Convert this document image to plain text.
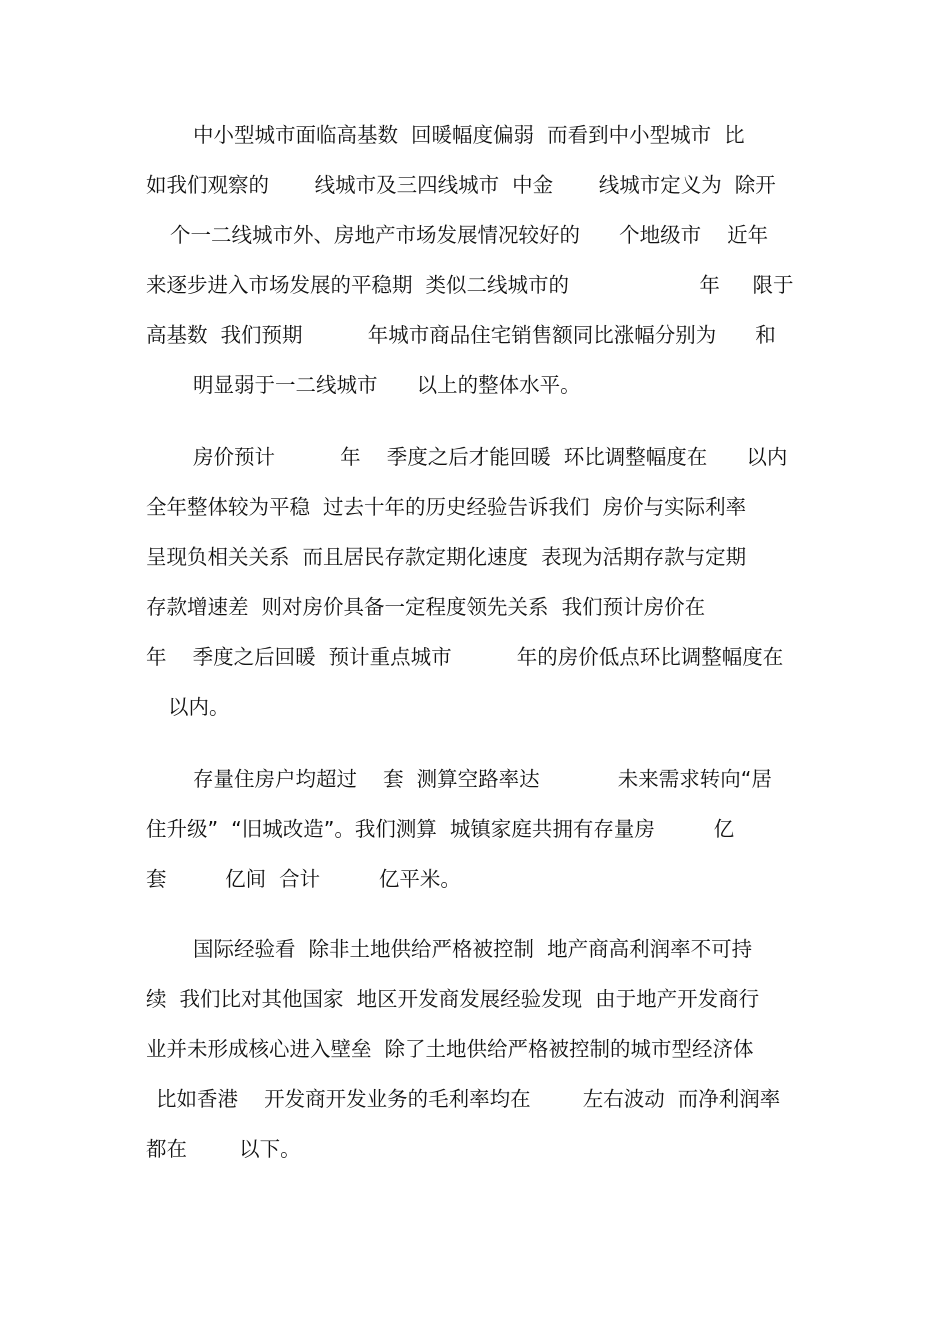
中小型城市面临高基数  回暖幅度偏弱  而看到中小型城市  比
如我们观察的       线城市及三四线城市  中金       线城市定义为  除开
个一二线城市外、房地产市场发展情况较好的      个地级市    近年
来逐步进入市场发展的平稳期  类似二线城市的                    年     限于
高基数  我们预期          年城市商品住宅销售额同比涨幅分别为      和
明显弱于一二线城市      以上的整体水平。
房价预计          年    季度之后才能回暖  环比调整幅度在      以内
全年整体较为平稳  过去十年的历史经验告诉我们  房价与实际利率
呈现负相关关系  而且居民存款定期化速度  表现为活期存款与定期
存款增速差  则对房价具备一定程度领先关系  我们预计房价在
年    季度之后回暖  预计重点城市          年的房价低点环比调整幅度在
以内。
存量住房户均超过    套  测算空路率达            未来需求转向“居
住升级”  “旧城改造”。我们测算  城镇家庭共拥有存量房         亿
套         亿间  合计         亿平米。
国际经验看  除非土地供给严格被控制  地产商高利润率不可持
续  我们比对其他国家  地区开发商发展经验发现  由于地产开发商行
业并未形成核心进入壁垒  除了土地供给严格被控制的城市型经济体
比如香港    开发商开发业务的毛利率均在        左右波动  而净利润率
都在        以下。
